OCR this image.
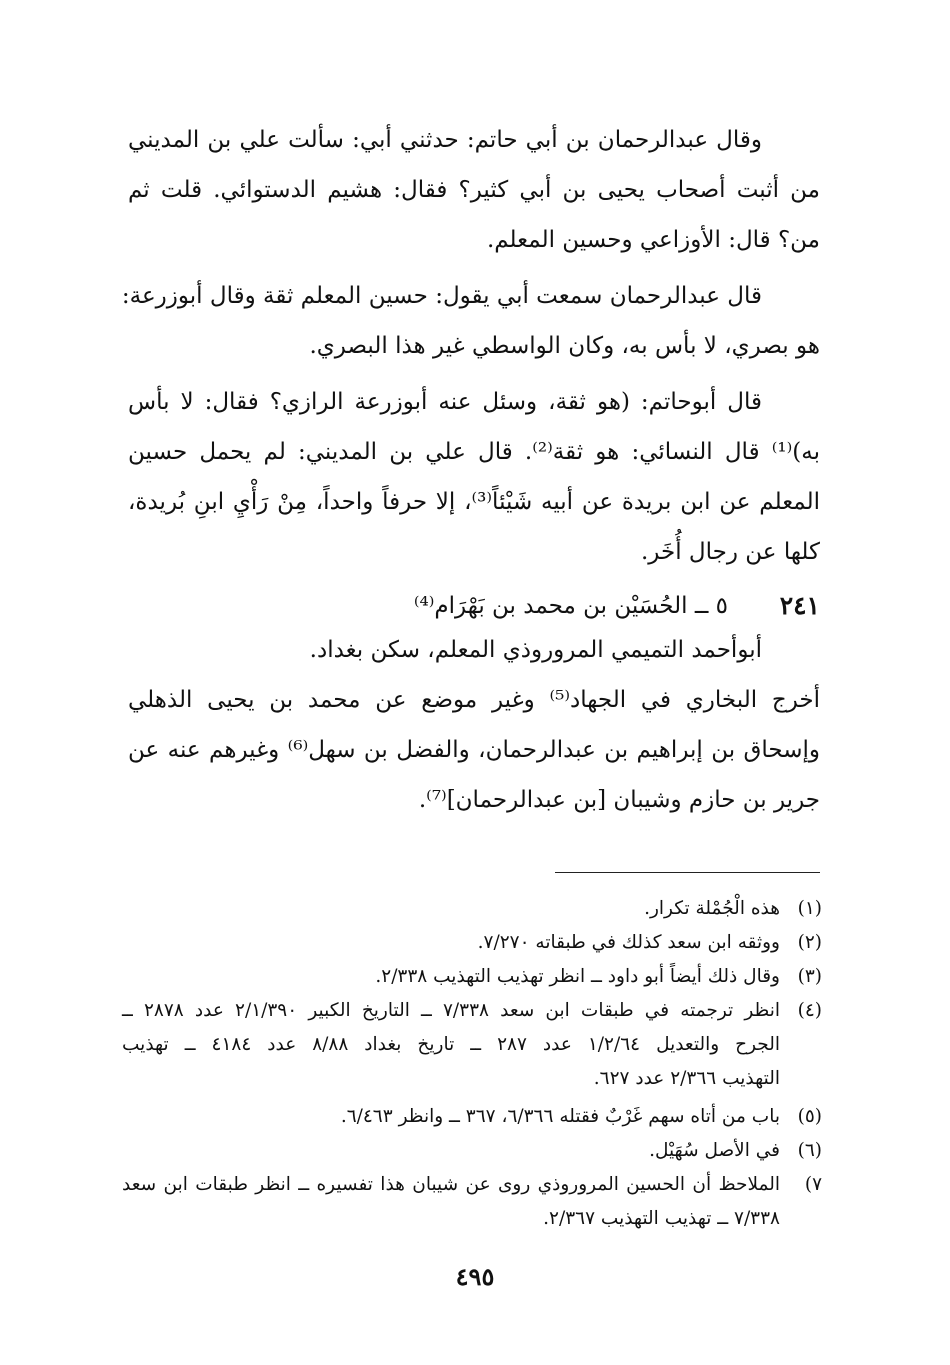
وقال عبدالرحمان بن أبي حاتم: حدثني أبي: سألت علي بن المديني
من أثبت أصحاب يحيى بن أبي كثير؟ فقال: هشيم الدستوائي. قلت ثم
من؟ قال: الأوزاعي وحسين المعلم.
قال عبدالرحمان سمعت أبي يقول: حسين المعلم ثقة وقال أبوزرعة:
هو بصري، لا بأس به، وكان الواسطي غير هذا البصري.
قال أبوحاتم: (هو ثقة، وسئل عنه أبوزرعة الرازي؟ فقال: لا بأس
به)⁽¹⁾ قال النسائي: هو ثقة⁽²⁾. قال علي بن المديني: لم يحمل حسين
المعلم عن ابن بريدة عن أبيه شَيْئاً⁽³⁾، إلا حرفاً واحداً، مِنْ رَأْيِ ابنِ بُريدة،
كلها عن رجال أُخَر.
٢٤١
٥ ــ الحُسَيْن بن محمد بن بَهْرَام⁽⁴⁾
أبوأحمد التميمي المروروذي المعلم، سكن بغداد.
أخرج البخاري في الجهاد⁽⁵⁾ وغير موضع عن محمد بن يحيى الذهلي
وإسحاق بن إبراهيم بن عبدالرحمان، والفضل بن سهل⁽⁶⁾ وغيرهم عنه عن
جرير بن حازم وشيبان [بن عبدالرحمان]⁽⁷⁾.
(١)
هذه الْجُمْلة تكرار.
(٢)
ووثقه ابن سعد كذلك في طبقاته ٧/٢٧٠.
(٣)
وقال ذلك أيضاً أبو داود ــ انظر تهذيب التهذيب ٢/٣٣٨.
(٤)
انظر ترجمته في طبقات ابن سعد ٧/٣٣٨ ــ التاريخ الكبير ٢/١/٣٩٠ عدد ٢٨٧٨ ــ
الجرح والتعديل ١/٢/٦٤ عدد ٢٨٧ ــ تاريخ بغداد ٨/٨٨ عدد ٤١٨٤ ــ تهذيب
التهذيب ٢/٣٦٦ عدد ٦٢٧.
(٥)
باب من أتاه سهم غَرْبٌ فقتله ٦/٣٦٦، ٣٦٧ ــ وانظر ٦/٤٦٣.
(٦)
في الأصل سُهَيْل.
٧)
الملاحظ أن الحسين المروروذي روى عن شيبان هذا تفسيره ــ انظر طبقات ابن سعد
٧/٣٣٨ ــ تهذيب التهذيب ٢/٣٦٧.
٤٩٥
